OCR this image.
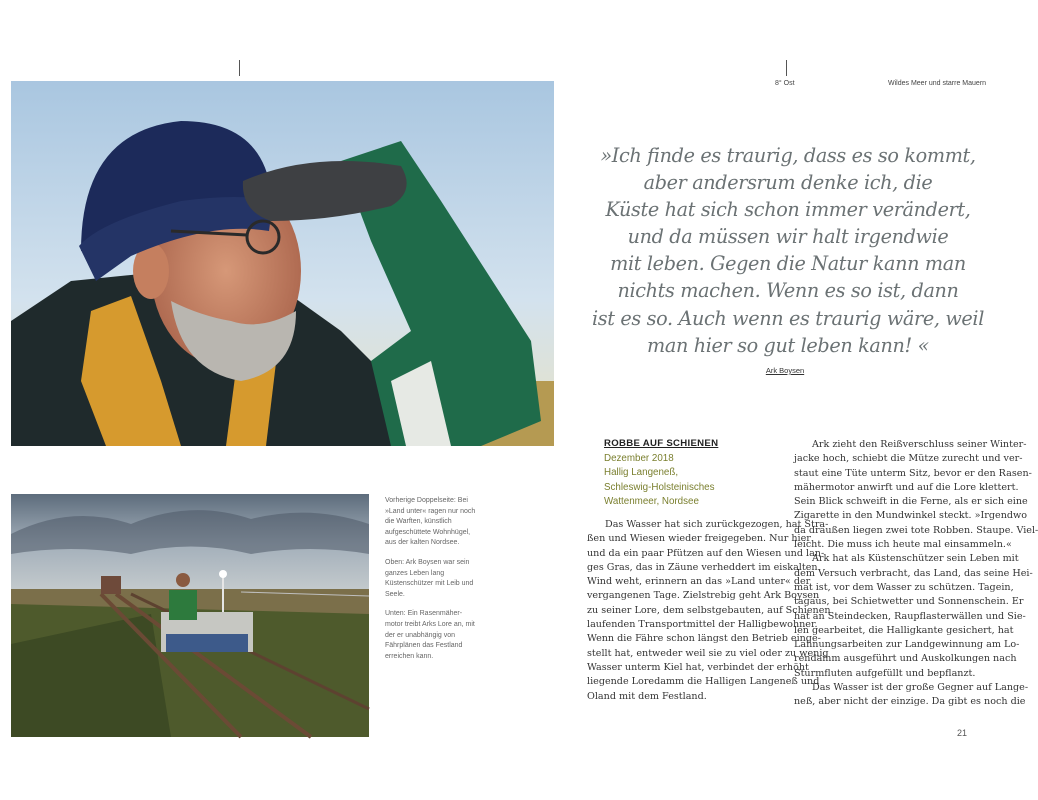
8° Ost	Wildes Meer und starre Mauern

Vorherige Doppelseite: Bei »Land unter« ragen nur noch die Warften, künstlich aufgeschüttete Wohnhügel, aus der kalten Nordsee.

Oben: Ark Boysen war sein ganzes Leben lang Küstenschützer mit Leib und Seele.

Unten: Ein Rasenmähermotor treibt Arks Lore an, mit der er unabhängig von Fährplänen das Festland erreichen kann.

»Ich finde es traurig, dass es so kommt,
aber andersrum denke ich, die
Küste hat sich schon immer verändert,
und da müssen wir halt irgendwie
mit leben. Gegen die Natur kann man
nichts machen. Wenn es so ist, dann
ist es so. Auch wenn es traurig wäre, weil
man hier so gut leben kann! «
Ark Boysen
ROBBE AUF SCHIENEN
Dezember 2018
Hallig Langeneß,
Schleswig-Holsteinisches
Wattenmeer, Nordsee
Das Wasser hat sich zurückgezogen, hat Stra-
ßen und Wiesen wieder freigegeben. Nur hier
und da ein paar Pfützen auf den Wiesen und lan-
ges Gras, das in Zäune verheddert im eiskalten
Wind weht, erinnern an das »Land unter« der
vergangenen Tage. Zielstrebig geht Ark Boysen
zu seiner Lore, dem selbstgebauten, auf Schienen
laufenden Transportmittel der Halligbewohner.
Wenn die Fähre schon längst den Betrieb einge-
stellt hat, entweder weil sie zu viel oder zu wenig
Wasser unterm Kiel hat, verbindet der erhöht
liegende Loredamm die Halligen Langeneß und
Oland mit dem Festland.
Ark zieht den Reißverschluss seiner Winter-
jacke hoch, schiebt die Mütze zurecht und ver-
staut eine Tüte unterm Sitz, bevor er den Rasen-
mähermotor anwirft und auf die Lore klettert.
Sein Blick schweift in die Ferne, als er sich eine
Zigarette in den Mundwinkel steckt. »Irgendwo
da draußen liegen zwei tote Robben. Staupe. Viel-
leicht. Die muss ich heute mal einsammeln.«
Ark hat als Küstenschützer sein Leben mit
dem Versuch verbracht, das Land, das seine Hei-
mat ist, vor dem Wasser zu schützen. Tagein,
tagaus, bei Schietwetter und Sonnenschein. Er
hat an Steindecken, Raupflasterwällen und Sie-
len gearbeitet, die Halligkante gesichert, hat
Lahnungsarbeiten zur Landgewinnung am Lo-
rendamm ausgeführt und Auskolkungen nach
Sturmfluten aufgefüllt und bepflanzt.
Das Wasser ist der große Gegner auf Lange-
neß, aber nicht der einzige. Da gibt es noch die
21
